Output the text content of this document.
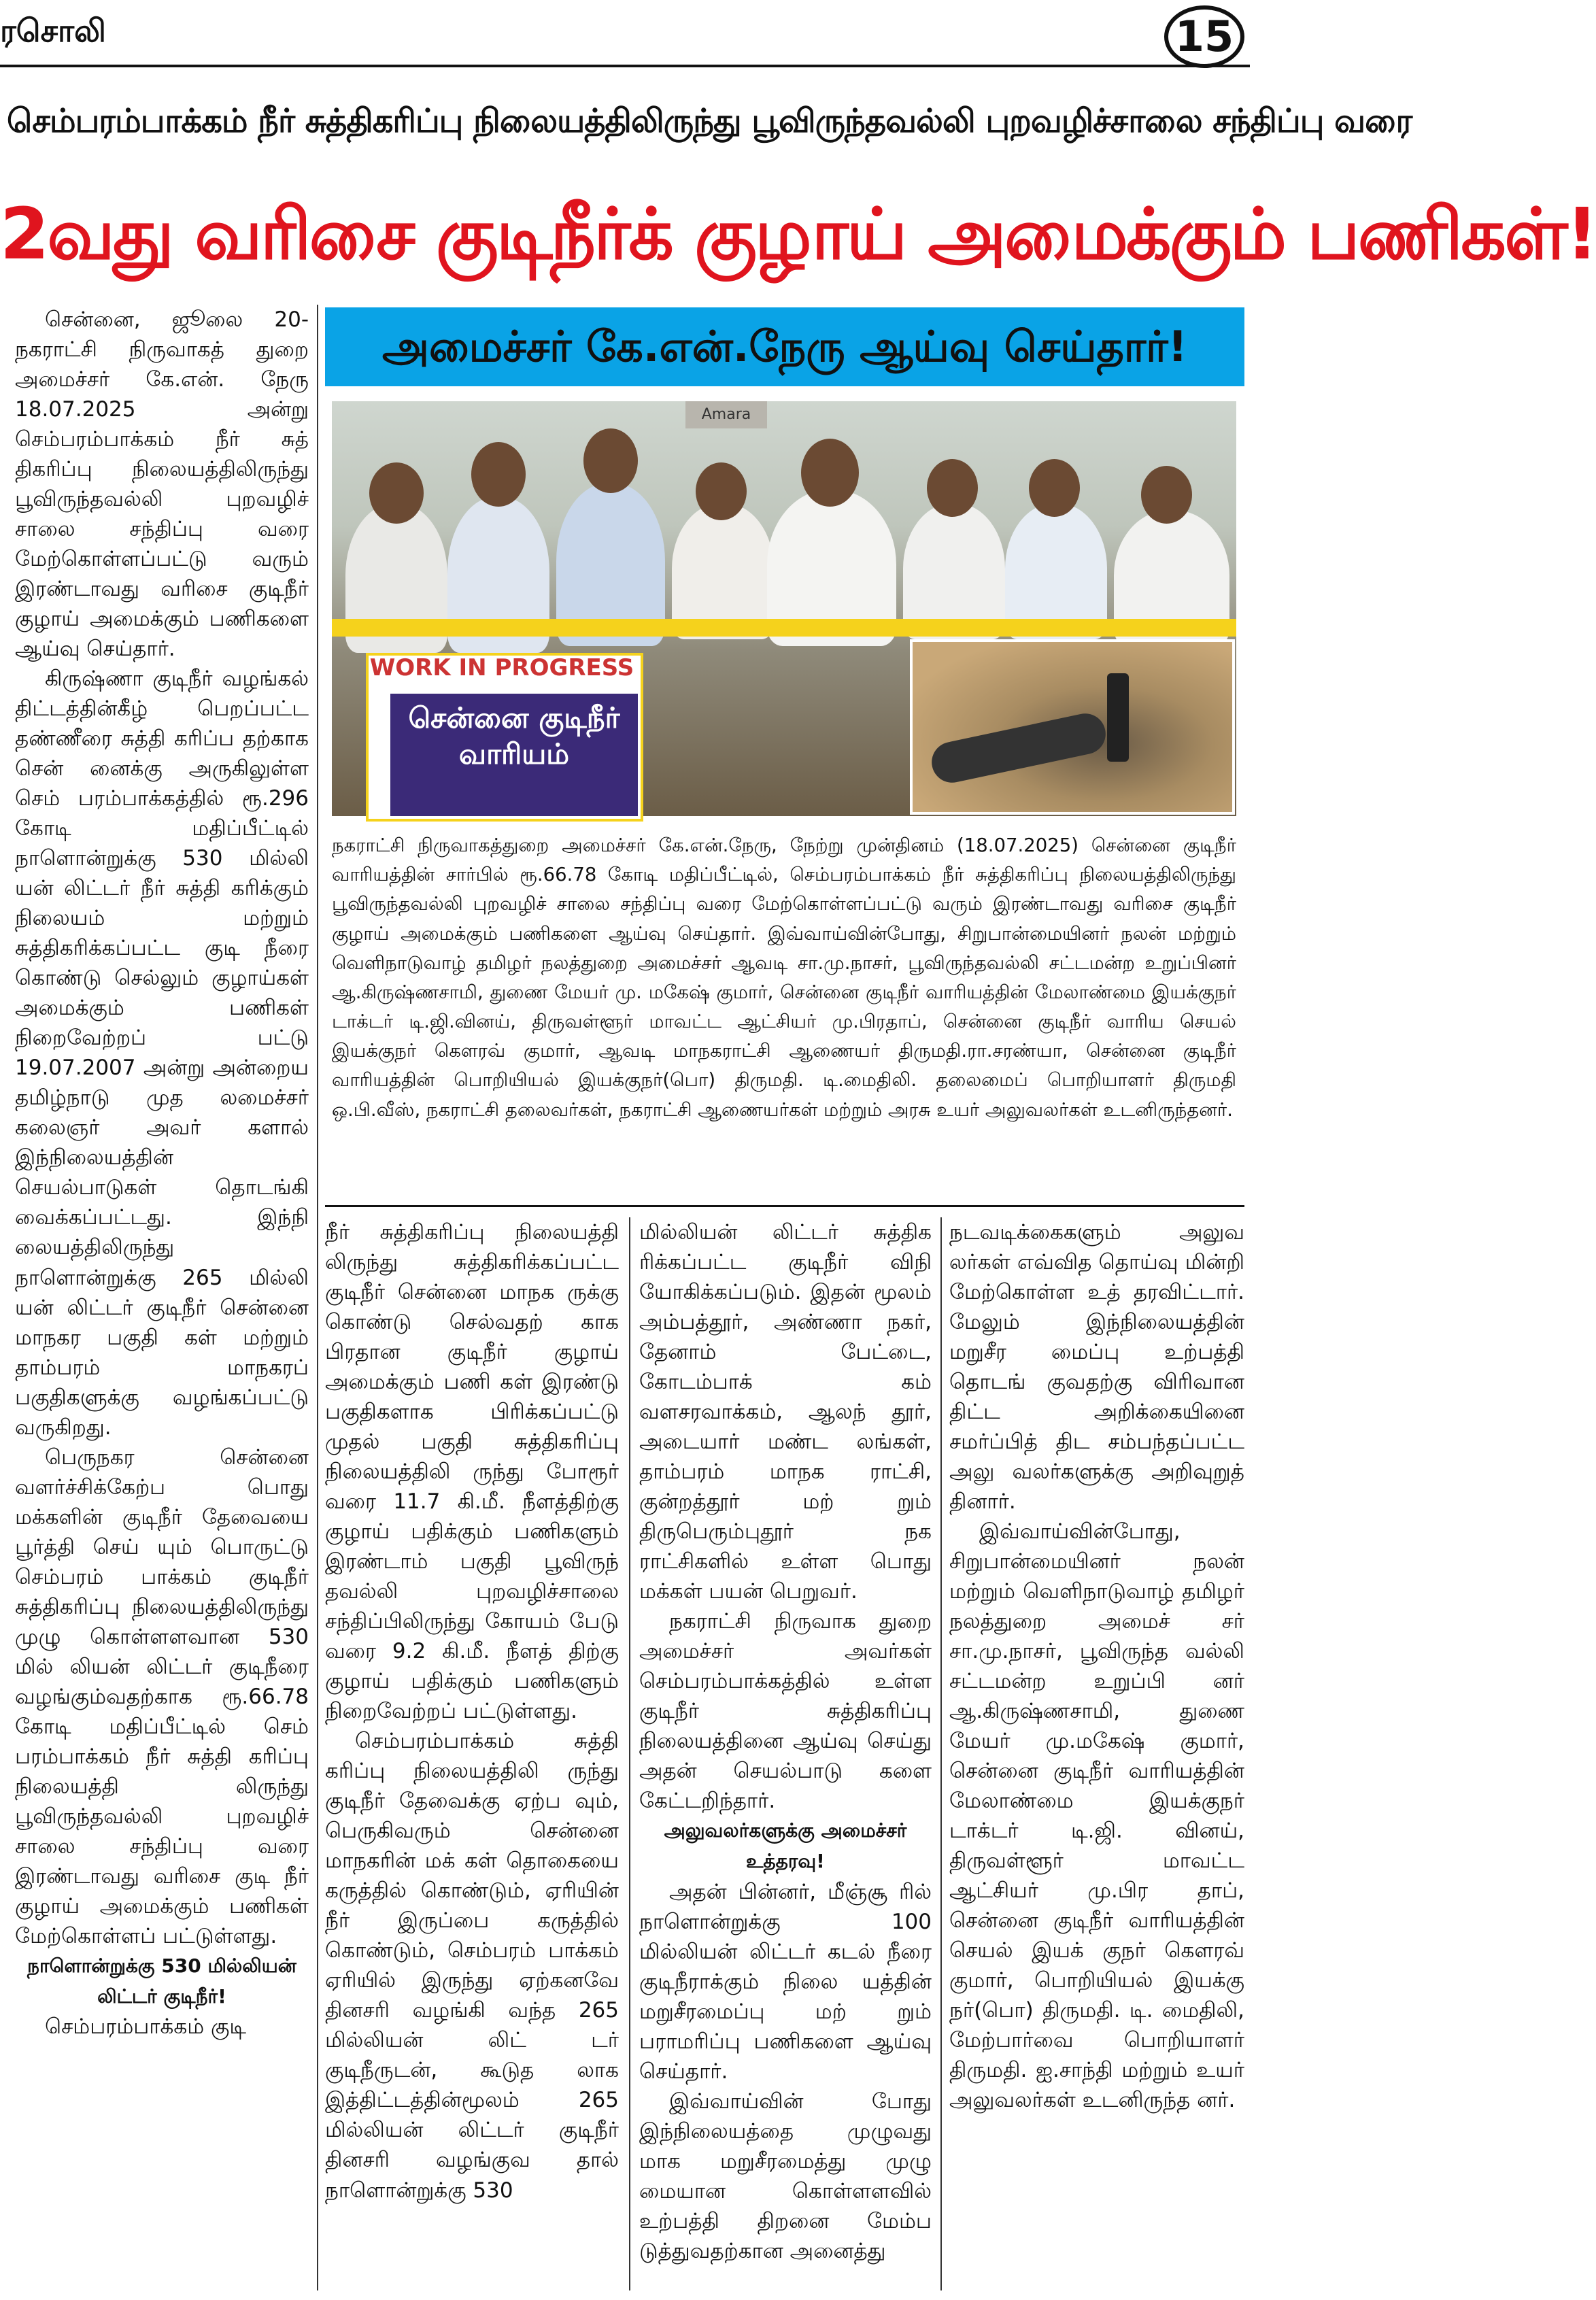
ரசொலி	15
செம்பரம்பாக்கம் நீர் சுத்திகரிப்பு நிலையத்திலிருந்து பூவிருந்தவல்லி புறவழிச்சாலை சந்திப்பு வரை
2வது வரிசை குடிநீர்க் குழாய் அமைக்கும் பணிகள்!
அமைச்சர் கே.என்.நேரு ஆய்வு செய்தார்!
Amara
WORK IN PROGRESS
சென்னை குடிநீர் வாரியம்
நகராட்சி நிருவாகத்துறை அமைச்சர் கே.என்.நேரு, நேற்று முன்தினம் (18.07.2025) சென்னை குடிநீர் வாரியத்தின் சார்பில் ரூ.66.78 கோடி மதிப்பீட்டில், செம்பரம்பாக்கம் நீர் சுத்திகரிப்பு நிலையத்திலிருந்து பூவிருந்தவல்லி புறவழிச் சாலை சந்திப்பு வரை மேற்கொள்ளப்பட்டு வரும் இரண்டாவது வரிசை குடிநீர் குழாய் அமைக்கும் பணிகளை ஆய்வு செய்தார். இவ்வாய்வின்போது, சிறுபான்மையினர் நலன் மற்றும் வெளிநாடுவாழ் தமிழர் நலத்துறை அமைச்சர் ஆவடி சா.மு.நாசர், பூவிருந்தவல்லி சட்டமன்ற உறுப்பினர் ஆ.கிருஷ்ணசாமி, துணை மேயர் மு. மகேஷ் குமார், சென்னை குடிநீர் வாரியத்தின் மேலாண்மை இயக்குநர் டாக்டர் டி.ஜி.வினய், திருவள்ளூர் மாவட்ட ஆட்சியர் மு.பிரதாப், சென்னை குடிநீர் வாரிய செயல் இயக்குநர் கௌரவ் குமார், ஆவடி மாநகராட்சி ஆணையர் திருமதி.ரா.சரண்யா, சென்னை குடிநீர் வாரியத்தின் பொறியியல் இயக்குநர்(பொ) திருமதி. டி.மைதிலி. தலைமைப் பொறியாளர் திருமதி ஒ.பி.வீஸ், நகராட்சி தலைவர்கள், நகராட்சி ஆணையர்கள் மற்றும் அரசு உயர் அலுவலர்கள் உடனிருந்தனர்.

சென்னை, ஜூலை 20- நகராட்சி நிருவாகத் துறை அமைச்சர் கே.என். நேரு 18.07.2025 அன்று செம்பரம்பாக்கம் நீர் சுத் திகரிப்பு நிலையத்திலிருந்து பூவிருந்தவல்லி புறவழிச் சாலை சந்திப்பு வரை மேற்கொள்ளப்பட்டு வரும் இரண்டாவது வரிசை குடிநீர் குழாய் அமைக்கும் பணிகளை ஆய்வு செய்தார்.

கிருஷ்ணா குடிநீர் வழங்கல் திட்டத்தின்கீழ் பெறப்பட்ட தண்ணீரை சுத்தி கரிப்ப தற்காக சென் னைக்கு அருகிலுள்ள செம் பரம்பாக்கத்தில் ரூ.296 கோடி மதிப்பீட்டில் நாளொன்றுக்கு 530 மில்லி யன் லிட்டர் நீர் சுத்தி கரிக்கும் நிலையம் மற்றும் சுத்திகரிக்கப்பட்ட குடி நீரை கொண்டு செல்லும் குழாய்கள் அமைக்கும் பணிகள் நிறைவேற்றப் பட்டு 19.07.2007 அன்று அன்றைய தமிழ்நாடு முத லமைச்சர் கலைஞர் அவர் களால் இந்நிலையத்தின் செயல்பாடுகள் தொடங்கி வைக்கப்பட்டது. இந்நி லையத்திலிருந்து நாளொன்றுக்கு 265 மில்லி யன் லிட்டர் குடிநீர் சென்னை மாநகர பகுதி கள் மற்றும் தாம்பரம் மாநகரப் பகுதிகளுக்கு வழங்கப்பட்டு வருகிறது.

பெருநகர சென்னை வளர்ச்சிக்கேற்ப பொது மக்களின் குடிநீர் தேவையை பூர்த்தி செய் யும் பொருட்டு செம்பரம் பாக்கம் குடிநீர் சுத்திகரிப்பு நிலையத்திலிருந்து முழு கொள்ளளவான 530 மில் லியன் லிட்டர் குடிநீரை வழங்கும்வதற்காக ரூ.66.78 கோடி மதிப்பீட்டில் செம் பரம்பாக்கம் நீர் சுத்தி கரிப்பு நிலையத்தி லிருந்து பூவிருந்தவல்லி புறவழிச் சாலை சந்திப்பு வரை இரண்டாவது வரிசை குடி நீர் குழாய் அமைக்கும் பணிகள் மேற்கொள்ளப் பட்டுள்ளது.

நாளொன்றுக்கு 530 மில்லியன் லிட்டர் குடிநீர்!

செம்பரம்பாக்கம் குடி

நீர் சுத்திகரிப்பு நிலையத்தி லிருந்து சுத்திகரிக்கப்பட்ட குடிநீர் சென்னை மாநக ருக்கு கொண்டு செல்வதற் காக பிரதான குடிநீர் குழாய் அமைக்கும் பணி கள் இரண்டு பகுதிகளாக பிரிக்கப்பட்டு முதல் பகுதி சுத்திகரிப்பு நிலையத்திலி ருந்து போரூர் வரை 11.7 கி.மீ. நீளத்திற்கு குழாய் பதிக்கும் பணிகளும் இரண்டாம் பகுதி பூவிருந் தவல்லி புறவழிச்சாலை சந்திப்பிலிருந்து கோயம் பேடு வரை 9.2 கி.மீ. நீளத் திற்கு குழாய் பதிக்கும் பணிகளும் நிறைவேற்றப் பட்டுள்ளது.

செம்பரம்பாக்கம் சுத்தி கரிப்பு நிலையத்திலி ருந்து குடிநீர் தேவைக்கு ஏற்ப வும், பெருகிவரும் சென்னை மாநகரின் மக் கள் தொகையை கருத்தில் கொண்டும், ஏரியின் நீர் இருப்பை கருத்தில் கொண்டும், செம்பரம் பாக்கம் ஏரியில் இருந்து ஏற்கனவே தினசரி வழங்கி வந்த 265 மில்லியன் லிட் டர் குடிநீருடன், கூடுத லாக இத்திட்டத்தின்மூலம் 265 மில்லியன் லிட்டர் குடிநீர் தினசரி வழங்குவ தால் நாளொன்றுக்கு 530

மில்லியன் லிட்டர் சுத்திக ரிக்கப்பட்ட குடிநீர் விநி யோகிக்கப்படும். இதன் மூலம் அம்பத்தூர், அண்ணா நகர், தேனாம் பேட்டை, கோடம்பாக் கம் வளசரவாக்கம், ஆலந் தூர், அடையார் மண்ட லங்கள், தாம்பரம் மாநக ராட்சி, குன்றத்தூர் மற் றும் திருபெரும்புதூர் நக ராட்சிகளில் உள்ள பொது மக்கள் பயன் பெறுவர்.

நகராட்சி நிருவாக துறை அமைச்சர் அவர்கள் செம்பரம்பாக்கத்தில் உள்ள குடிநீர் சுத்திகரிப்பு நிலையத்தினை ஆய்வு செய்து அதன் செயல்பாடு களை கேட்டறிந்தார்.

அலுவலர்களுக்கு அமைச்சர் உத்தரவு!

அதன் பின்னர், மீஞ்சூ ரில் நாளொன்றுக்கு 100 மில்லியன் லிட்டர் கடல் நீரை குடிநீராக்கும் நிலை யத்தின் மறுசீரமைப்பு மற் றும் பராமரிப்பு பணிகளை ஆய்வு செய்தார்.

இவ்வாய்வின் போது இந்நிலையத்தை முழுவது மாக மறுசீரமைத்து முழு மையான கொள்ளளவில் உற்பத்தி திறனை மேம்ப டுத்துவதற்கான அனைத்து

நடவடிக்கைகளும் அலுவ லர்கள் எவ்வித தொய்வு மின்றி மேற்கொள்ள உத் தரவிட்டார். மேலும் இந்நிலையத்தின் மறுசீர மைப்பு உற்பத்தி தொடங் குவதற்கு விரிவான திட்ட அறிக்கையினை சமர்ப்பித் திட சம்பந்தப்பட்ட அலு வலர்களுக்கு அறிவுறுத் தினார்.

இவ்வாய்வின்போது, சிறுபான்மையினர் நலன் மற்றும் வெளிநாடுவாழ் தமிழர் நலத்துறை அமைச் சர் சா.மு.நாசர், பூவிருந்த வல்லி சட்டமன்ற உறுப்பி னர் ஆ.கிருஷ்ணசாமி, துணை மேயர் மு.மகேஷ் குமார், சென்னை குடிநீர் வாரியத்தின் மேலாண்மை இயக்குநர் டாக்டர் டி.ஜி. வினய், திருவள்ளூர் மாவட்ட ஆட்சியர் மு.பிர தாப், சென்னை குடிநீர் வாரியத்தின் செயல் இயக் குநர் கௌரவ் குமார், பொறியியல் இயக்கு நர்(பொ) திருமதி. டி. மைதிலி, மேற்பார்வை பொறியாளர் திருமதி. ஐ.சாந்தி மற்றும் உயர் அலுவலர்கள் உடனிருந்த னர்.
